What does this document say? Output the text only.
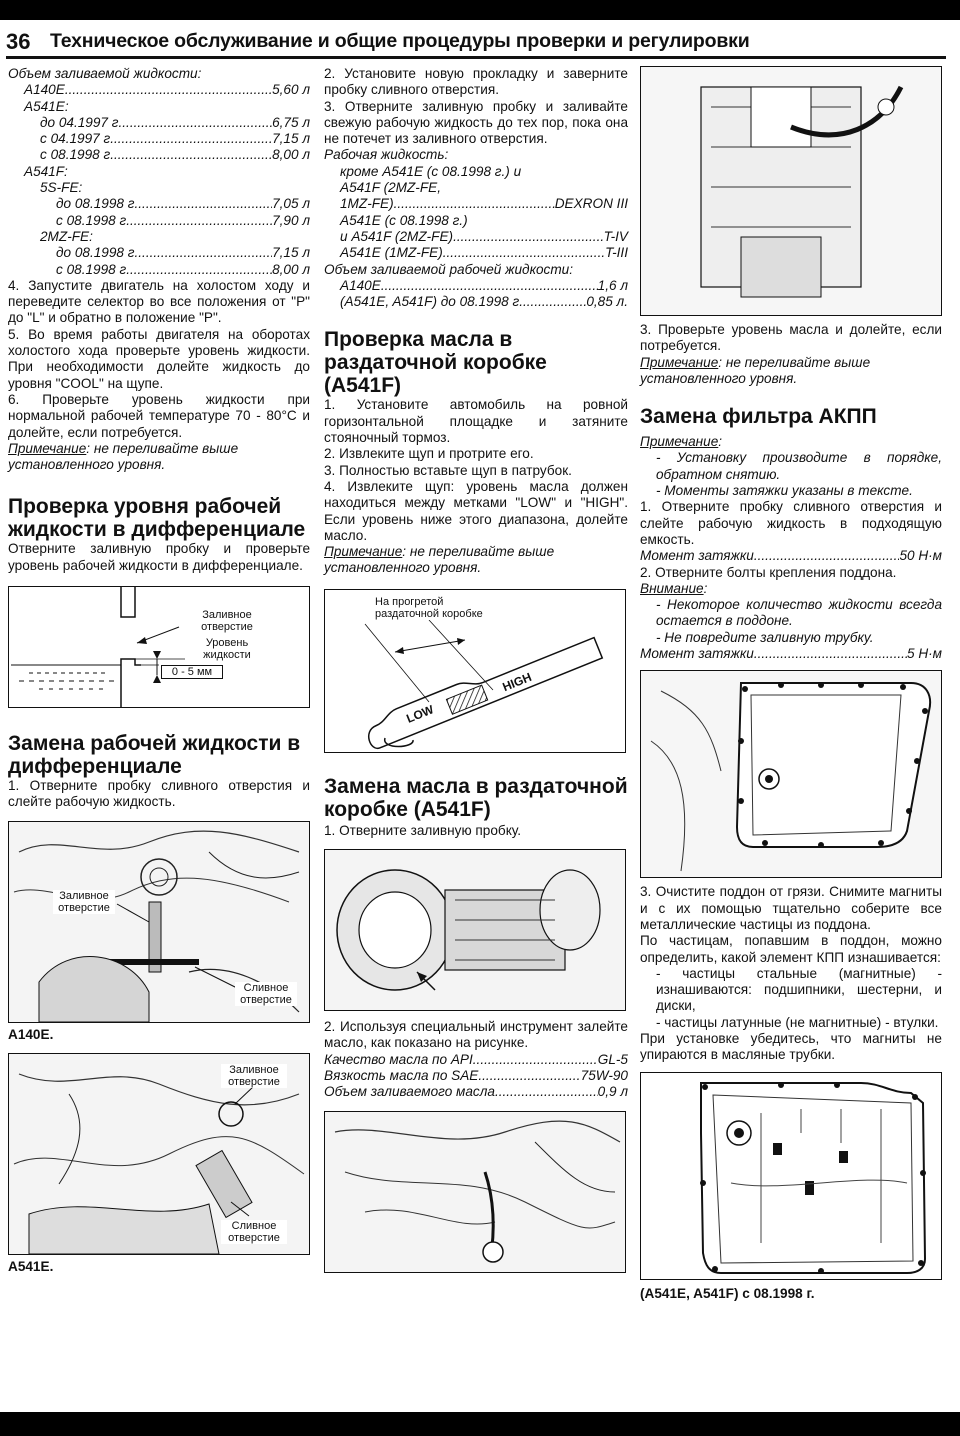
36 Техническое обслуживание и общие процедуры проверки и регулировки

Объем заливаемой жидкости:

A140E .....	5,60 л
A541E:
до 04.1997 г .....	6,75 л
с 04.1997 г .....	7,15 л
с 08.1998 г .....	8,00 л
A541F:
5S-FE:
до 08.1998 г .....	7,05 л
с 08.1998 г .....	7,90 л
2MZ-FE:
до 08.1998 г .....	7,15 л
с 08.1998 г .....	8,00 л

4. Запустите двигатель на холостом ходу и переведите селектор во все положения от "P" до "L" и обратно в положение "P".

5. Во время работы двигателя на оборотах холостого хода проверьте уровень жидкости. При необходимости долейте жидкость до уровня "COOL" на щупе.

6. Проверьте уровень жидкости при нормальной рабочей температуре 70 - 80°C и долейте, если потребуется.

Примечание: не переливайте выше установленного уровня.

Проверка уровня рабочей жидкости в дифференциале

Отверните заливную пробку и проверьте уровень рабочей жидкости в дифференциале.

Заливное отверстие
Уровень жидкости
0 - 5 мм
Замена рабочей жидкости в дифференциале

1. Отверните пробку сливного отверстия и слейте рабочую жидкость.

Заливное отверстие
Сливное отверстие

A140E.

Заливное отверстие
Сливное отверстие

A541E.

2. Установите новую прокладку и заверните пробку сливного отверстия.

3. Отверните заливную пробку и заливайте свежую рабочую жидкость до тех пор, пока она не потечет из заливного отверстия.

Рабочая жидкость:

кроме A541E (с 08.1998 г.) и

A541F (2MZ-FE,

1MZ-FE) .....	DEXRON III

A541E (с 08.1998 г.)

и A541F (2MZ-FE) .....	T-IV
A541E (1MZ-FE) .....	T-III

Объем заливаемой рабочей жидкости:

A140E .....	1,6 л
(A541E, A541F) до 08.1998 г .....	0,85 л.
Проверка масла в раздаточной коробке (A541F)

1. Установите автомобиль на ровной горизонтальной площадке и затяните стояночный тормоз.

2. Извлеките щуп и протрите его.

3. Полностью вставьте щуп в патрубок.

4. Извлеките щуп: уровень масла должен находиться между метками "LOW" и "HIGH". Если уровень ниже этого диапазона, долейте масло.

Примечание: не переливайте выше установленного уровня.

На прогретой раздаточной коробке
LOW
HIGH
Замена масла в раздаточной коробке (A541F)

1. Отверните заливную пробку.

2. Используя специальный инструмент залейте масло, как показано на рисунке.

Качество масла по API .....	GL-5
Вязкость масла по SAE .....	75W-90
Объем заливаемого масла .....	0,9 л

3. Проверьте уровень масла и долейте, если потребуется.

Примечание: не переливайте выше установленного уровня.

Замена фильтра АКПП

Примечание:

- Установку производите в порядке, обратном снятию.

- Моменты затяжки указаны в тексте.

1. Отверните пробку сливного отверстия и слейте рабочую жидкость в подходящую емкость.

Момент затяжки .....	50 Н·м

2. Отверните болты крепления поддона.

Внимание:

- Некоторое количество жидкости всегда остается в поддоне.

- Не повредите заливную трубку.

Момент затяжки .....	5 Н·м

3. Очистите поддон от грязи. Снимите магниты и с их помощью тщательно соберите все металлические частицы из поддона.

По частицам, попавшим в поддон, можно определить, какой элемент КПП изнашивается:

- частицы стальные (магнитные) - изнашиваются: подшипники, шестерни, и диски,

- частицы латунные (не магнитные) - втулки.

При установке убедитесь, что магниты не упираются в масляные трубки.

(A541E, A541F) с 08.1998 г.
